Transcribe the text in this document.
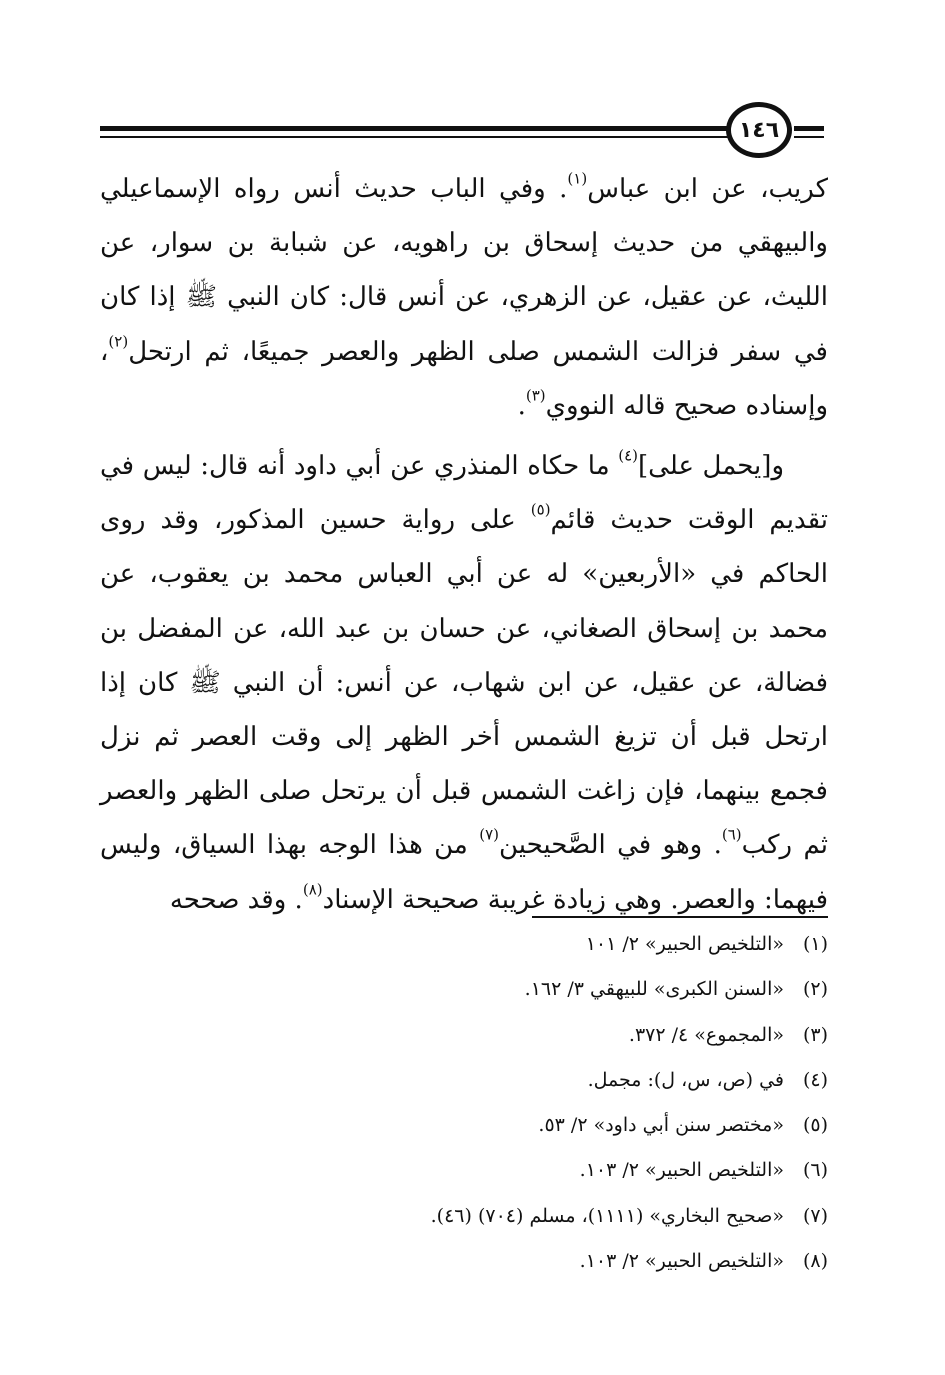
١٤٦

كريب، عن ابن عباس$^{(١)}$. وفي الباب حديث أنس رواه الإسماعيلي والبيهقي من حديث إسحاق بن راهويه، عن شبابة بن سوار، عن الليث، عن عقيل، عن الزهري، عن أنس قال: كان النبي ﷺ إذا كان في سفر فزالت الشمس صلى الظهر والعصر جميعًا، ثم ارتحل$^{(٢)}$، وإسناده صحيح قاله النووي$^{(٣)}$.

و[يحمل على]$^{(٤)}$ ما حكاه المنذري عن أبي داود أنه قال: ليس في تقديم الوقت حديث قائم$^{(٥)}$ على رواية حسين المذكور، وقد روى الحاكم في «الأربعين» له عن أبي العباس محمد بن يعقوب، عن محمد بن إسحاق الصغاني، عن حسان بن عبد الله، عن المفضل بن فضالة، عن عقيل، عن ابن شهاب، عن أنس: أن النبي ﷺ كان إذا ارتحل قبل أن تزيغ الشمس أخر الظهر إلى وقت العصر ثم نزل فجمع بينهما، فإن زاغت الشمس قبل أن يرتحل صلى الظهر والعصر ثم ركب$^{(٦)}$. وهو في الصَّحيحين$^{(٧)}$ من هذا الوجه بهذا السياق، وليس فيهما: والعصر. وهي زيادة غريبة صحيحة الإسناد$^{(٨)}$. وقد صححه

(١)«التلخيص الحبير» ٢/ ١٠١
(٢)«السنن الكبرى» للبيهقي ٣/ ١٦٢.
(٣)«المجموع» ٤/ ٣٧٢.
(٤)في (ص، س، ل): مجمل.
(٥)«مختصر سنن أبي داود» ٢/ ٥٣.
(٦)«التلخيص الحبير» ٢/ ١٠٣.
(٧)«صحيح البخاري» (١١١١)، مسلم (٧٠٤) (٤٦).
(٨)«التلخيص الحبير» ٢/ ١٠٣.
